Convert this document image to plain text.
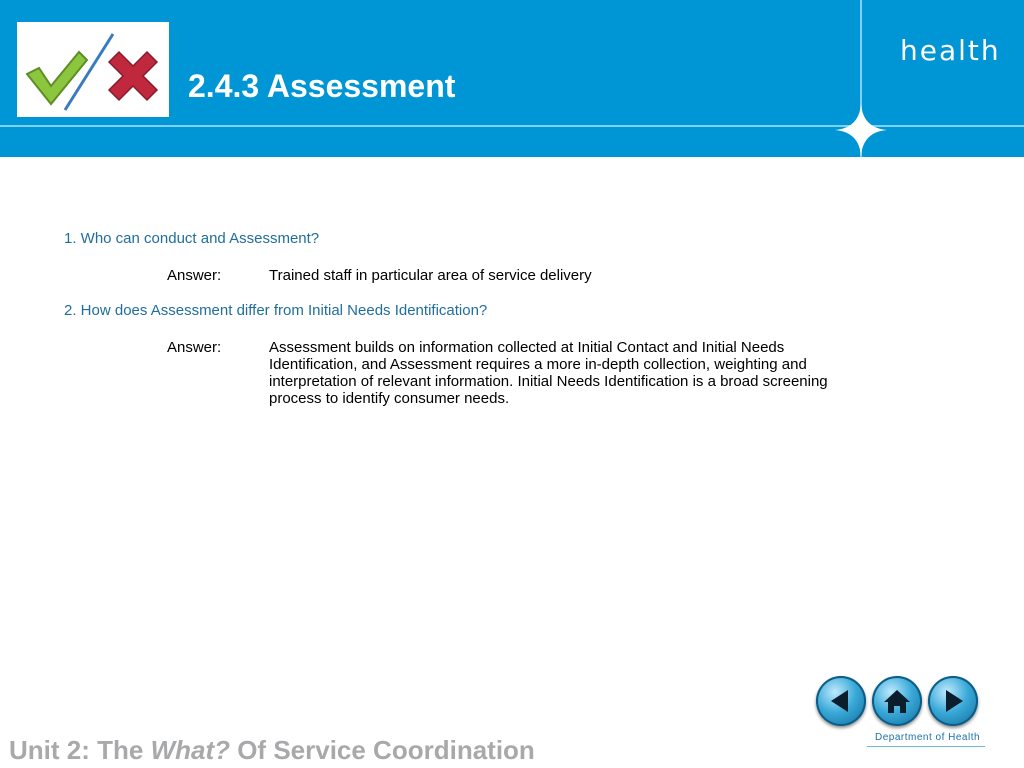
2.4.3 Assessment
health

1. Who can conduct and Assessment?

Answer:	Trained staff in particular area of service delivery

2. How does Assessment differ from Initial Needs Identification?

Answer:	Assessment builds on information collected at Initial Contact and Initial Needs Identification, and Assessment requires a more in-depth collection, weighting and interpretation of relevant information. Initial Needs Identification is a broad screening process to identify consumer needs.
Department of Health

Unit 2: The What? Of Service Coordination
